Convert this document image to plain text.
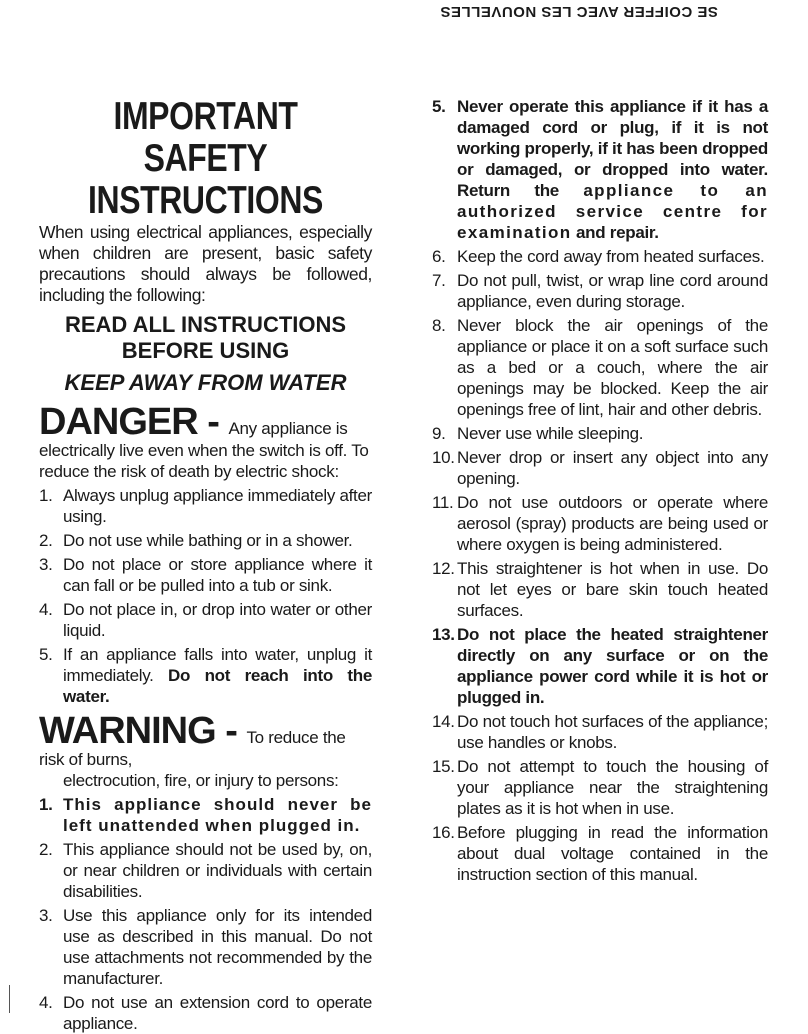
SE COIFFER AVEC LES NOUVELLES
IMPORTANT SAFETY
INSTRUCTIONS
When using electrical appliances, especially when children are present, basic safety precautions should always be followed, including the following:
READ ALL INSTRUCTIONS
BEFORE USING
KEEP AWAY FROM WATER
DANGER - Any appliance is electrically live even when the switch is off. To reduce the risk of death by electric shock:
1. Always unplug appliance immediately after using.
2. Do not use while bathing or in a shower.
3. Do not place or store appliance where it can fall or be pulled into a tub or sink.
4. Do not place in, or drop into water or other liquid.
5. If an appliance falls into water, unplug it immediately. Do not reach into the water.
WARNING - To reduce the risk of burns,
electrocution, fire, or injury to persons:
1. This appliance should never be left unattended when plugged in.
2. This appliance should not be used by, on, or near children or individuals with certain disabilities.
3. Use this appliance only for its intended use as described in this manual. Do not use attachments not recommended by the manufacturer.
4. Do not use an extension cord to operate appliance.
5. Never operate this appliance if it has a damaged cord or plug, if it is not working properly, if it has been dropped or damaged, or dropped into water. Return the appliance to an authorized service centre for examination and repair.
6. Keep the cord away from heated surfaces.
7. Do not pull, twist, or wrap line cord around appliance, even during storage.
8. Never block the air openings of the appliance or place it on a soft surface such as a bed or a couch, where the air openings may be blocked. Keep the air openings free of lint, hair and other debris.
9. Never use while sleeping.
10. Never drop or insert any object into any opening.
11. Do not use outdoors or operate where aerosol (spray) products are being used or where oxygen is being administered.
12. This straightener is hot when in use. Do not let eyes or bare skin touch heated surfaces.
13. Do not place the heated straightener directly on any surface or on the appliance power cord while it is hot or plugged in.
14. Do not touch hot surfaces of the appliance; use handles or knobs.
15. Do not attempt to touch the housing of your appliance near the straightening plates as it is hot when in use.
16. Before plugging in read the information about dual voltage contained in the instruction section of this manual.
